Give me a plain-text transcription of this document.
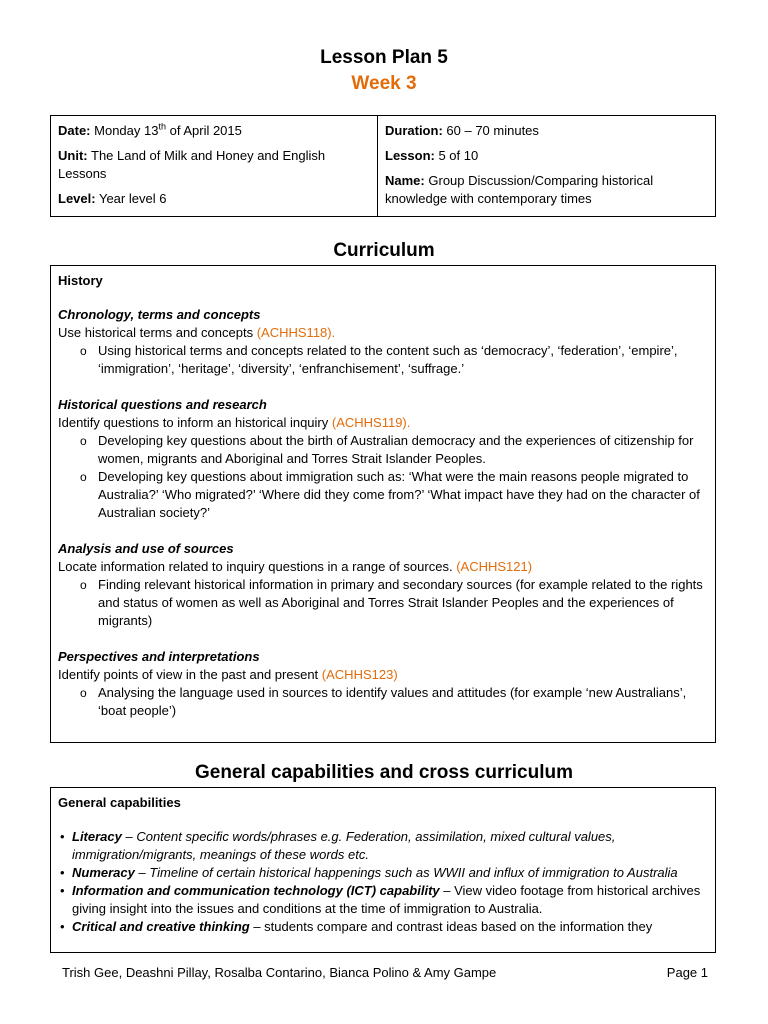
Lesson Plan 5
Week 3

Date: Monday 13th of April 2015

Unit: The Land of Milk and Honey and English Lessons

Level: Year level 6

Duration: 60 – 70 minutes

Lesson: 5 of 10

Name: Group Discussion/Comparing historical knowledge with contemporary times

Curriculum

History

Chronology, terms and concepts

Use historical terms and concepts (ACHHS118).

o Using historical terms and concepts related to the content such as ‘democracy’, ‘federation’, ‘empire’, ‘immigration’, ‘heritage’, ‘diversity’, ‘enfranchisement’, ‘suffrage.’

Historical questions and research

Identify questions to inform an historical inquiry (ACHHS119).

o Developing key questions about the birth of Australian democracy and the experiences of citizenship for women, migrants and Aboriginal and Torres Strait Islander Peoples.
o Developing key questions about immigration such as: ‘What were the main reasons people migrated to Australia?’ ‘Who migrated?’ ‘Where did they come from?’ ‘What impact have they had on the character of Australian society?’

Analysis and use of sources

Locate information related to inquiry questions in a range of sources. (ACHHS121)

o Finding relevant historical information in primary and secondary sources (for example related to the rights and status of women as well as Aboriginal and Torres Strait Islander Peoples and the experiences of migrants)

Perspectives and interpretations

Identify points of view in the past and present (ACHHS123)

o Analysing the language used in sources to identify values and attitudes (for example ‘new Australians’, ‘boat people’)
General capabilities and cross curriculum

General capabilities

• Literacy – Content specific words/phrases e.g. Federation, assimilation, mixed cultural values, immigration/migrants, meanings of these words etc.
• Numeracy – Timeline of certain historical happenings such as WWII and influx of immigration to Australia
• Information and communication technology (ICT) capability – View video footage from historical archives giving insight into the issues and conditions at the time of immigration to Australia.
• Critical and creative thinking – students compare and contrast ideas based on the information they
Trish Gee, Deashni Pillay, Rosalba Contarino, Bianca Polino & Amy Gampe	Page 1
